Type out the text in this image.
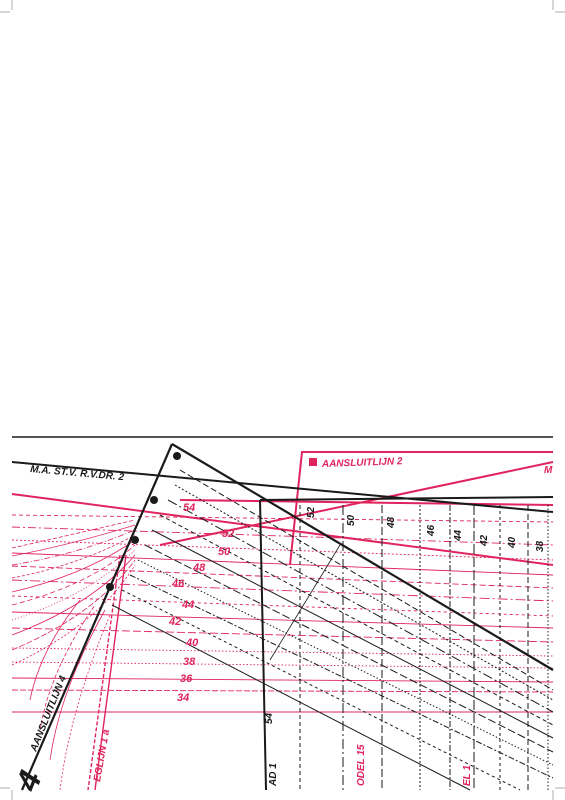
M.A. ST.V. R.V.DR. 2
AANSLUITLIJN 2
M
AANSLUITLIJN 4
4	EGLIJN 1 a	AD 1	ODEL 15	EL 1
54
54
52
50
48
46
44
42
40
38
36
34
52
50	48
46 44 42 40 38
